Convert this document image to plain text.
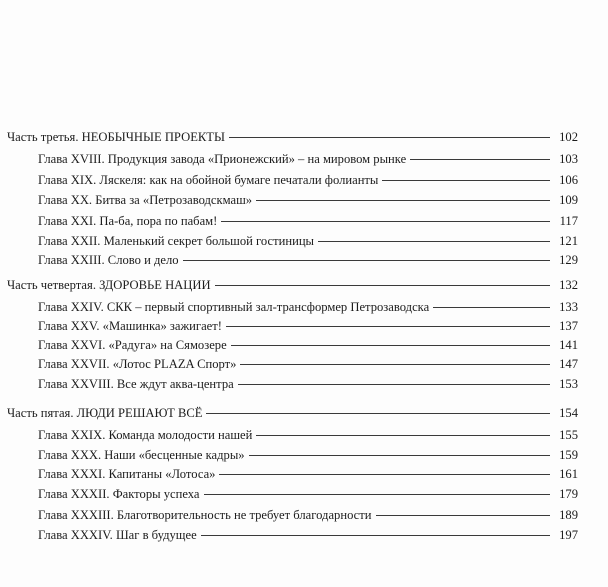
Часть третья. НЕОБЫЧНЫЕ ПРОЕКТЫ	102
Глава XVIII. Продукция завода «Прионежский» – на мировом рынке	103
Глава XIX. Ляскеля: как на обойной бумаге печатали фолианты	106
Глава XX. Битва за «Петрозаводскмаш»	109
Глава XXI. Па-ба, пора по пабам!	117
Глава XXII. Маленький секрет большой гостиницы	121
Глава XXIII. Слово и дело	129
Часть четвертая. ЗДОРОВЬЕ НАЦИИ	132
Глава XXIV. СКК – первый спортивный зал-трансформер Петрозаводска	133
Глава XXV. «Машинка» зажигает!	137
Глава XXVI. «Радуга» на Сямозере	141
Глава XXVII. «Лотос PLAZA Спорт»	147
Глава XXVIII. Все ждут аква-центра	153
Часть пятая. ЛЮДИ РЕШАЮТ ВСЁ	154
Глава XXIX. Команда молодости нашей	155
Глава XXX. Наши «бесценные кадры»	159
Глава XXXI. Капитаны «Лотоса»	161
Глава XXXII. Факторы успеха	179
Глава XXXIII. Благотворительность не требует благодарности	189
Глава XXXIV. Шаг в будущее	197
